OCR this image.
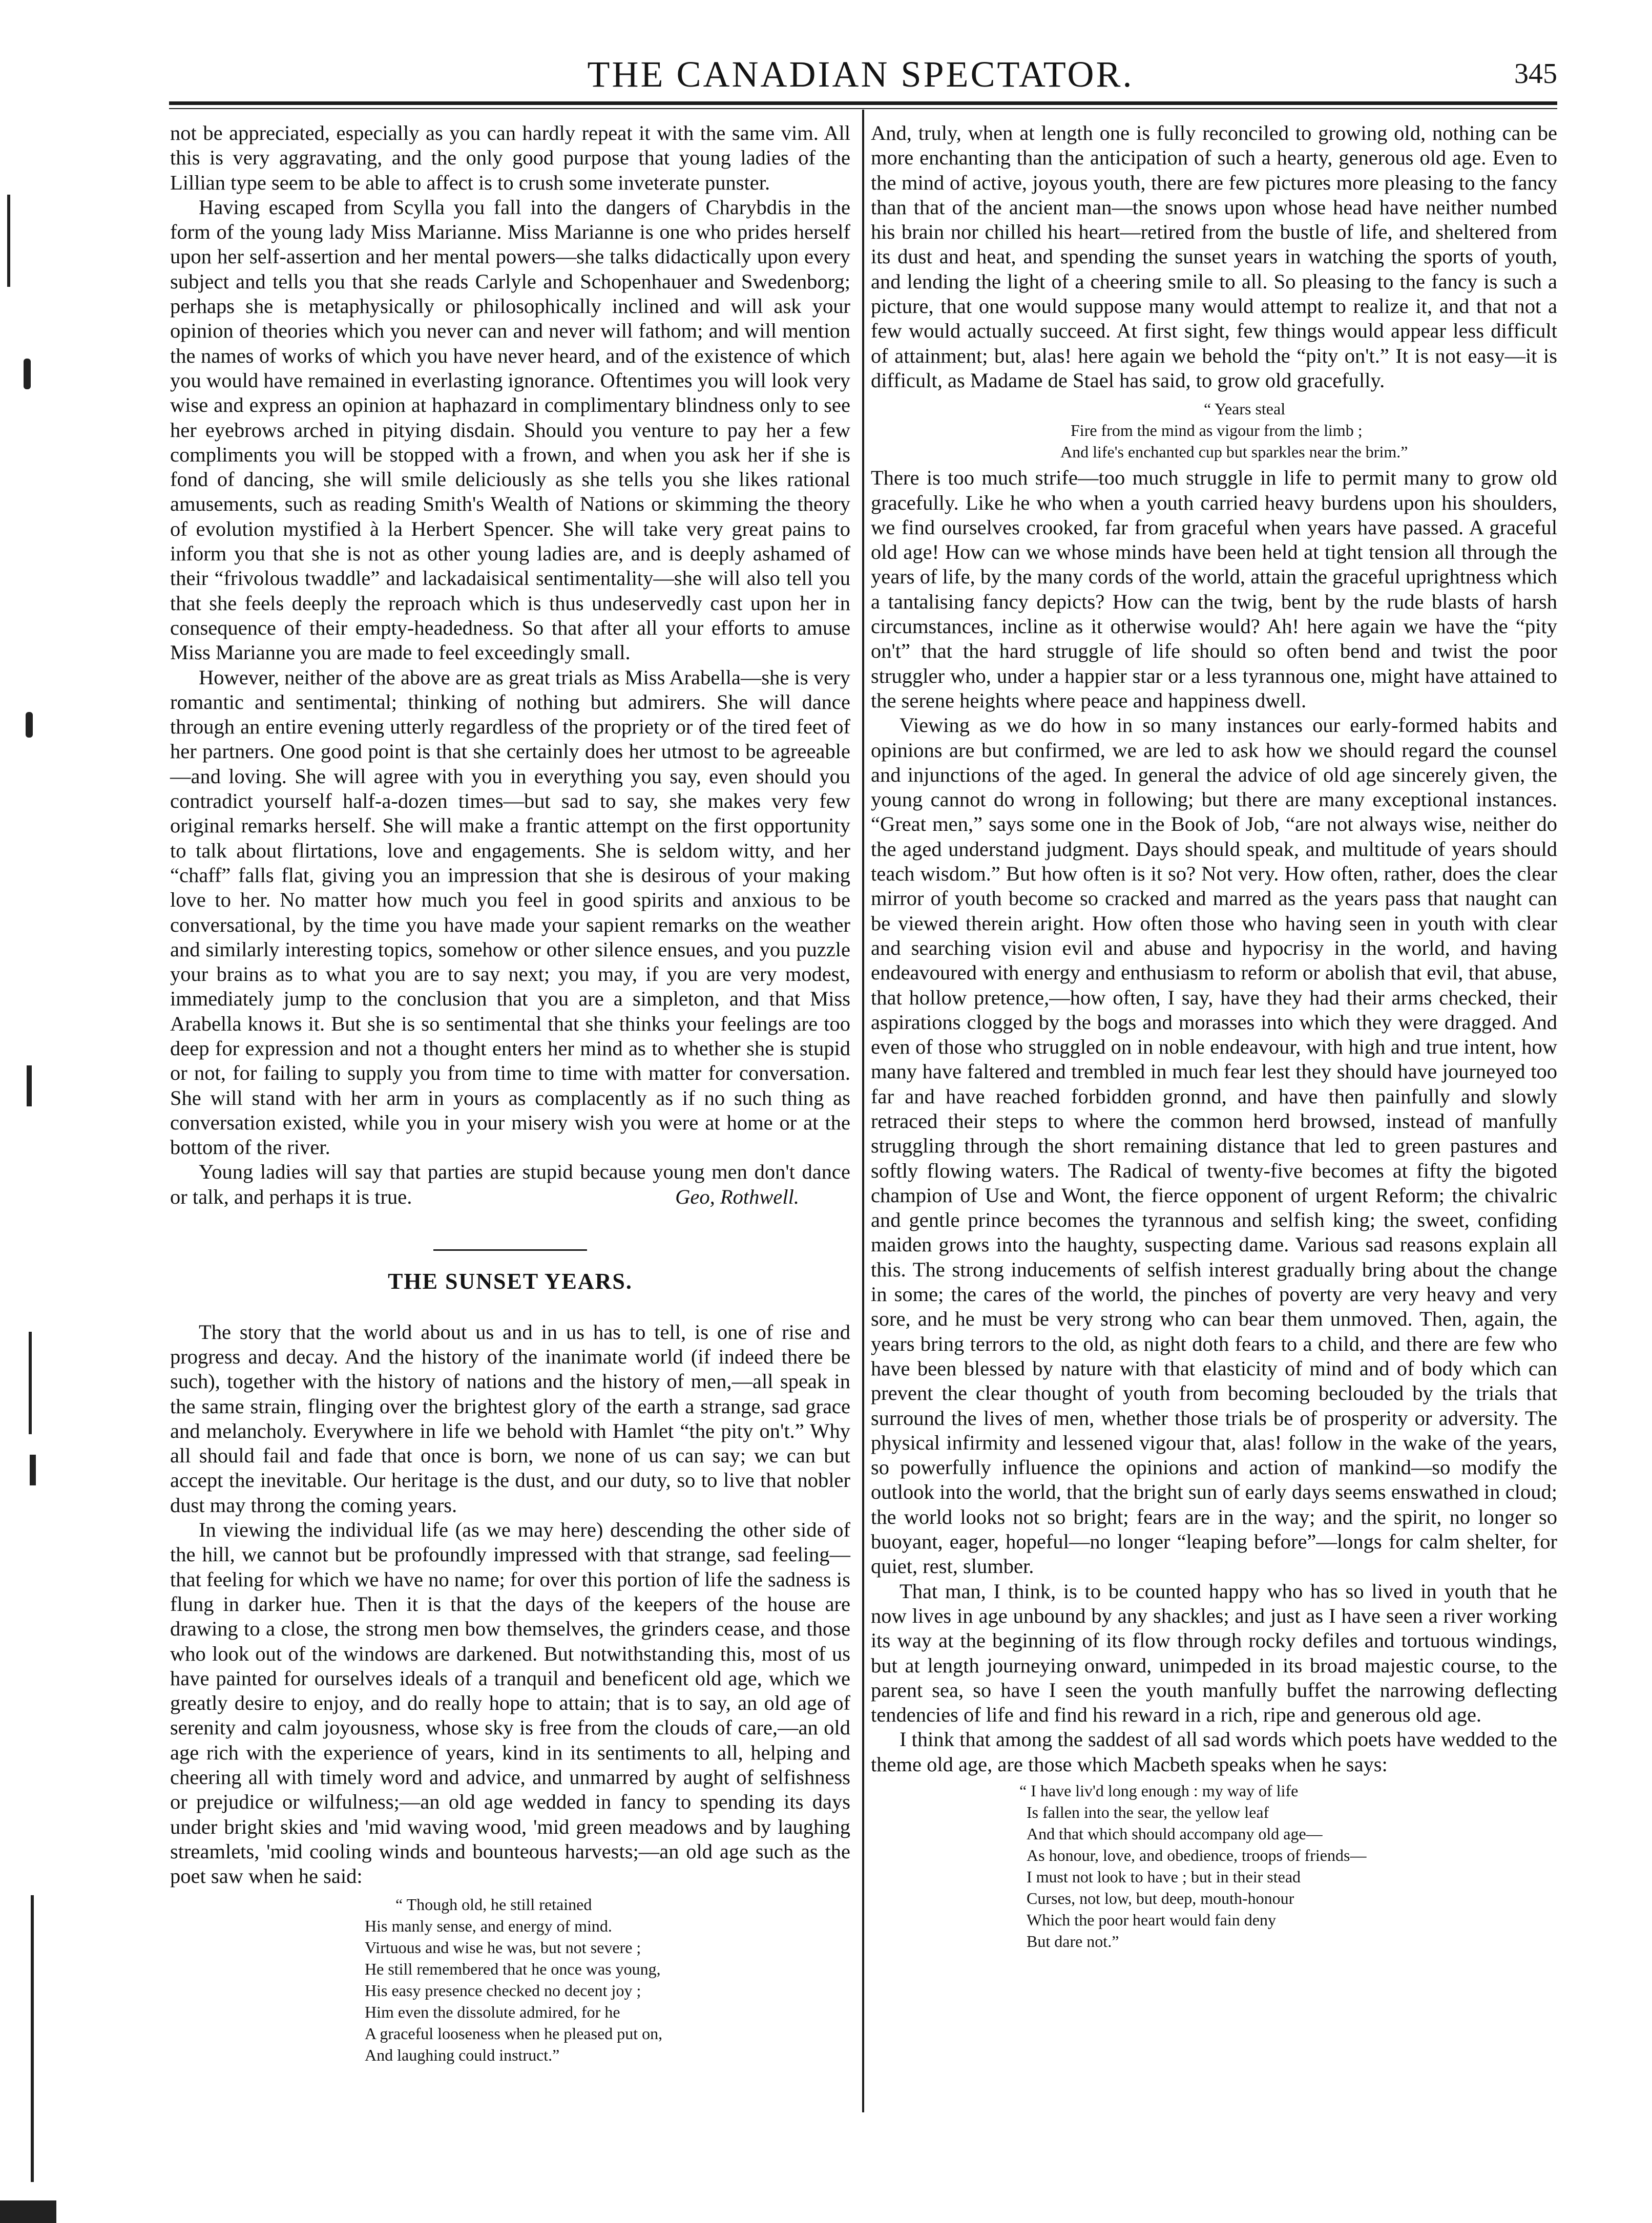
THE CANADIAN SPECTATOR.	345

not be appreciated, especially as you can hardly repeat it with the same vim. All this is very aggravating, and the only good purpose that young ladies of the Lillian type seem to be able to affect is to crush some inveterate punster.

Having escaped from Scylla you fall into the dangers of Charybdis in the form of the young lady Miss Marianne. Miss Marianne is one who prides herself upon her self-assertion and her mental powers—she talks didactically upon every subject and tells you that she reads Carlyle and Schopenhauer and Swedenborg; perhaps she is metaphysically or philosophically inclined and will ask your opinion of theories which you never can and never will fathom; and will mention the names of works of which you have never heard, and of the existence of which you would have remained in everlasting ignorance. Oftentimes you will look very wise and express an opinion at haphazard in complimentary blindness only to see her eyebrows arched in pitying disdain. Should you venture to pay her a few compliments you will be stopped with a frown, and when you ask her if she is fond of dancing, she will smile deliciously as she tells you she likes rational amusements, such as reading Smith's Wealth of Nations or skimming the theory of evolution mystified à la Herbert Spencer. She will take very great pains to inform you that she is not as other young ladies are, and is deeply ashamed of their “frivolous twaddle” and lackadaisical sentimentality—she will also tell you that she feels deeply the reproach which is thus undeservedly cast upon her in consequence of their empty-headedness. So that after all your efforts to amuse Miss Marianne you are made to feel exceedingly small.

However, neither of the above are as great trials as Miss Arabella—she is very romantic and sentimental; thinking of nothing but admirers. She will dance through an entire evening utterly regardless of the propriety or of the tired feet of her partners. One good point is that she certainly does her utmost to be agreeable—and loving. She will agree with you in everything you say, even should you contradict yourself half-a-dozen times—but sad to say, she makes very few original remarks herself. She will make a frantic attempt on the first opportunity to talk about flirtations, love and engagements. She is seldom witty, and her “chaff” falls flat, giving you an impression that she is desirous of your making love to her. No matter how much you feel in good spirits and anxious to be conversational, by the time you have made your sapient remarks on the weather and similarly interesting topics, somehow or other silence ensues, and you puzzle your brains as to what you are to say next; you may, if you are very modest, immediately jump to the conclusion that you are a simpleton, and that Miss Arabella knows it. But she is so sentimental that she thinks your feelings are too deep for expression and not a thought enters her mind as to whether she is stupid or not, for failing to supply you from time to time with matter for conversation. She will stand with her arm in yours as complacently as if no such thing as conversation existed, while you in your misery wish you were at home or at the bottom of the river.

Young ladies will say that parties are stupid because young men don't dance or talk, and perhaps it is true.	Geo, Rothwell.

THE SUNSET YEARS.

The story that the world about us and in us has to tell, is one of rise and progress and decay. And the history of the inanimate world (if indeed there be such), together with the history of nations and the history of men,—all speak in the same strain, flinging over the brightest glory of the earth a strange, sad grace and melancholy. Everywhere in life we behold with Hamlet “the pity on't.” Why all should fail and fade that once is born, we none of us can say; we can but accept the inevitable. Our heritage is the dust, and our duty, so to live that nobler dust may throng the coming years.

In viewing the individual life (as we may here) descending the other side of the hill, we cannot but be profoundly impressed with that strange, sad feeling—that feeling for which we have no name; for over this portion of life the sadness is flung in darker hue. Then it is that the days of the keepers of the house are drawing to a close, the strong men bow themselves, the grinders cease, and those who look out of the windows are darkened. But notwithstanding this, most of us have painted for ourselves ideals of a tranquil and beneficent old age, which we greatly desire to enjoy, and do really hope to attain; that is to say, an old age of serenity and calm joyousness, whose sky is free from the clouds of care,—an old age rich with the experience of years, kind in its sentiments to all, helping and cheering all with timely word and advice, and unmarred by aught of selfishness or prejudice or wilfulness;—an old age wedded in fancy to spending its days under bright skies and 'mid waving wood, 'mid green meadows and by laughing streamlets, 'mid cooling winds and bounteous harvests;—an old age such as the poet saw when he said:

“ Though old, he still retained
His manly sense, and energy of mind.
Virtuous and wise he was, but not severe ;
He still remembered that he once was young,
His easy presence checked no decent joy ;
Him even the dissolute admired, for he
A graceful looseness when he pleased put on,
And laughing could instruct.”

And, truly, when at length one is fully reconciled to growing old, nothing can be more enchanting than the anticipation of such a hearty, generous old age. Even to the mind of active, joyous youth, there are few pictures more pleasing to the fancy than that of the ancient man—the snows upon whose head have neither numbed his brain nor chilled his heart—retired from the bustle of life, and sheltered from its dust and heat, and spending the sunset years in watching the sports of youth, and lending the light of a cheering smile to all. So pleasing to the fancy is such a picture, that one would suppose many would attempt to realize it, and that not a few would actually succeed. At first sight, few things would appear less difficult of attainment; but, alas! here again we behold the “pity on't.” It is not easy—it is difficult, as Madame de Stael has said, to grow old gracefully.

“ Years steal
Fire from the mind as vigour from the limb ;
And life's enchanted cup but sparkles near the brim.”

There is too much strife—too much struggle in life to permit many to grow old gracefully. Like he who when a youth carried heavy burdens upon his shoulders, we find ourselves crooked, far from graceful when years have passed. A graceful old age! How can we whose minds have been held at tight tension all through the years of life, by the many cords of the world, attain the graceful uprightness which a tantalising fancy depicts? How can the twig, bent by the rude blasts of harsh circumstances, incline as it otherwise would? Ah! here again we have the “pity on't” that the hard struggle of life should so often bend and twist the poor struggler who, under a happier star or a less tyrannous one, might have attained to the serene heights where peace and happiness dwell.

Viewing as we do how in so many instances our early-formed habits and opinions are but confirmed, we are led to ask how we should regard the counsel and injunctions of the aged. In general the advice of old age sincerely given, the young cannot do wrong in following; but there are many exceptional instances. “Great men,” says some one in the Book of Job, “are not always wise, neither do the aged understand judgment. Days should speak, and multitude of years should teach wisdom.” But how often is it so? Not very. How often, rather, does the clear mirror of youth become so cracked and marred as the years pass that naught can be viewed therein aright. How often those who having seen in youth with clear and searching vision evil and abuse and hypocrisy in the world, and having endeavoured with energy and enthusiasm to reform or abolish that evil, that abuse, that hollow pretence,—how often, I say, have they had their arms checked, their aspirations clogged by the bogs and morasses into which they were dragged. And even of those who struggled on in noble endeavour, with high and true intent, how many have faltered and trembled in much fear lest they should have journeyed too far and have reached forbidden gronnd, and have then painfully and slowly retraced their steps to where the common herd browsed, instead of manfully struggling through the short remaining distance that led to green pastures and softly flowing waters. The Radical of twenty-five becomes at fifty the bigoted champion of Use and Wont, the fierce opponent of urgent Reform; the chivalric and gentle prince becomes the tyrannous and selfish king; the sweet, confiding maiden grows into the haughty, suspecting dame. Various sad reasons explain all this. The strong inducements of selfish interest gradually bring about the change in some; the cares of the world, the pinches of poverty are very heavy and very sore, and he must be very strong who can bear them unmoved. Then, again, the years bring terrors to the old, as night doth fears to a child, and there are few who have been blessed by nature with that elasticity of mind and of body which can prevent the clear thought of youth from becoming beclouded by the trials that surround the lives of men, whether those trials be of prosperity or adversity. The physical infirmity and lessened vigour that, alas! follow in the wake of the years, so powerfully influence the opinions and action of mankind—so modify the outlook into the world, that the bright sun of early days seems enswathed in cloud; the world looks not so bright; fears are in the way; and the spirit, no longer so buoyant, eager, hopeful—no longer “leaping before”—longs for calm shelter, for quiet, rest, slumber.

That man, I think, is to be counted happy who has so lived in youth that he now lives in age unbound by any shackles; and just as I have seen a river working its way at the beginning of its flow through rocky defiles and tortuous windings, but at length journeying onward, unimpeded in its broad majestic course, to the parent sea, so have I seen the youth manfully buffet the narrowing deflecting tendencies of life and find his reward in a rich, ripe and generous old age.

I think that among the saddest of all sad words which poets have wedded to the theme old age, are those which Macbeth speaks when he says:

“ I have liv'd long enough : my way of life
Is fallen into the sear, the yellow leaf
And that which should accompany old age—
As honour, love, and obedience, troops of friends—
I must not look to have ; but in their stead
Curses, not low, but deep, mouth-honour
Which the poor heart would fain deny
But dare not.”
